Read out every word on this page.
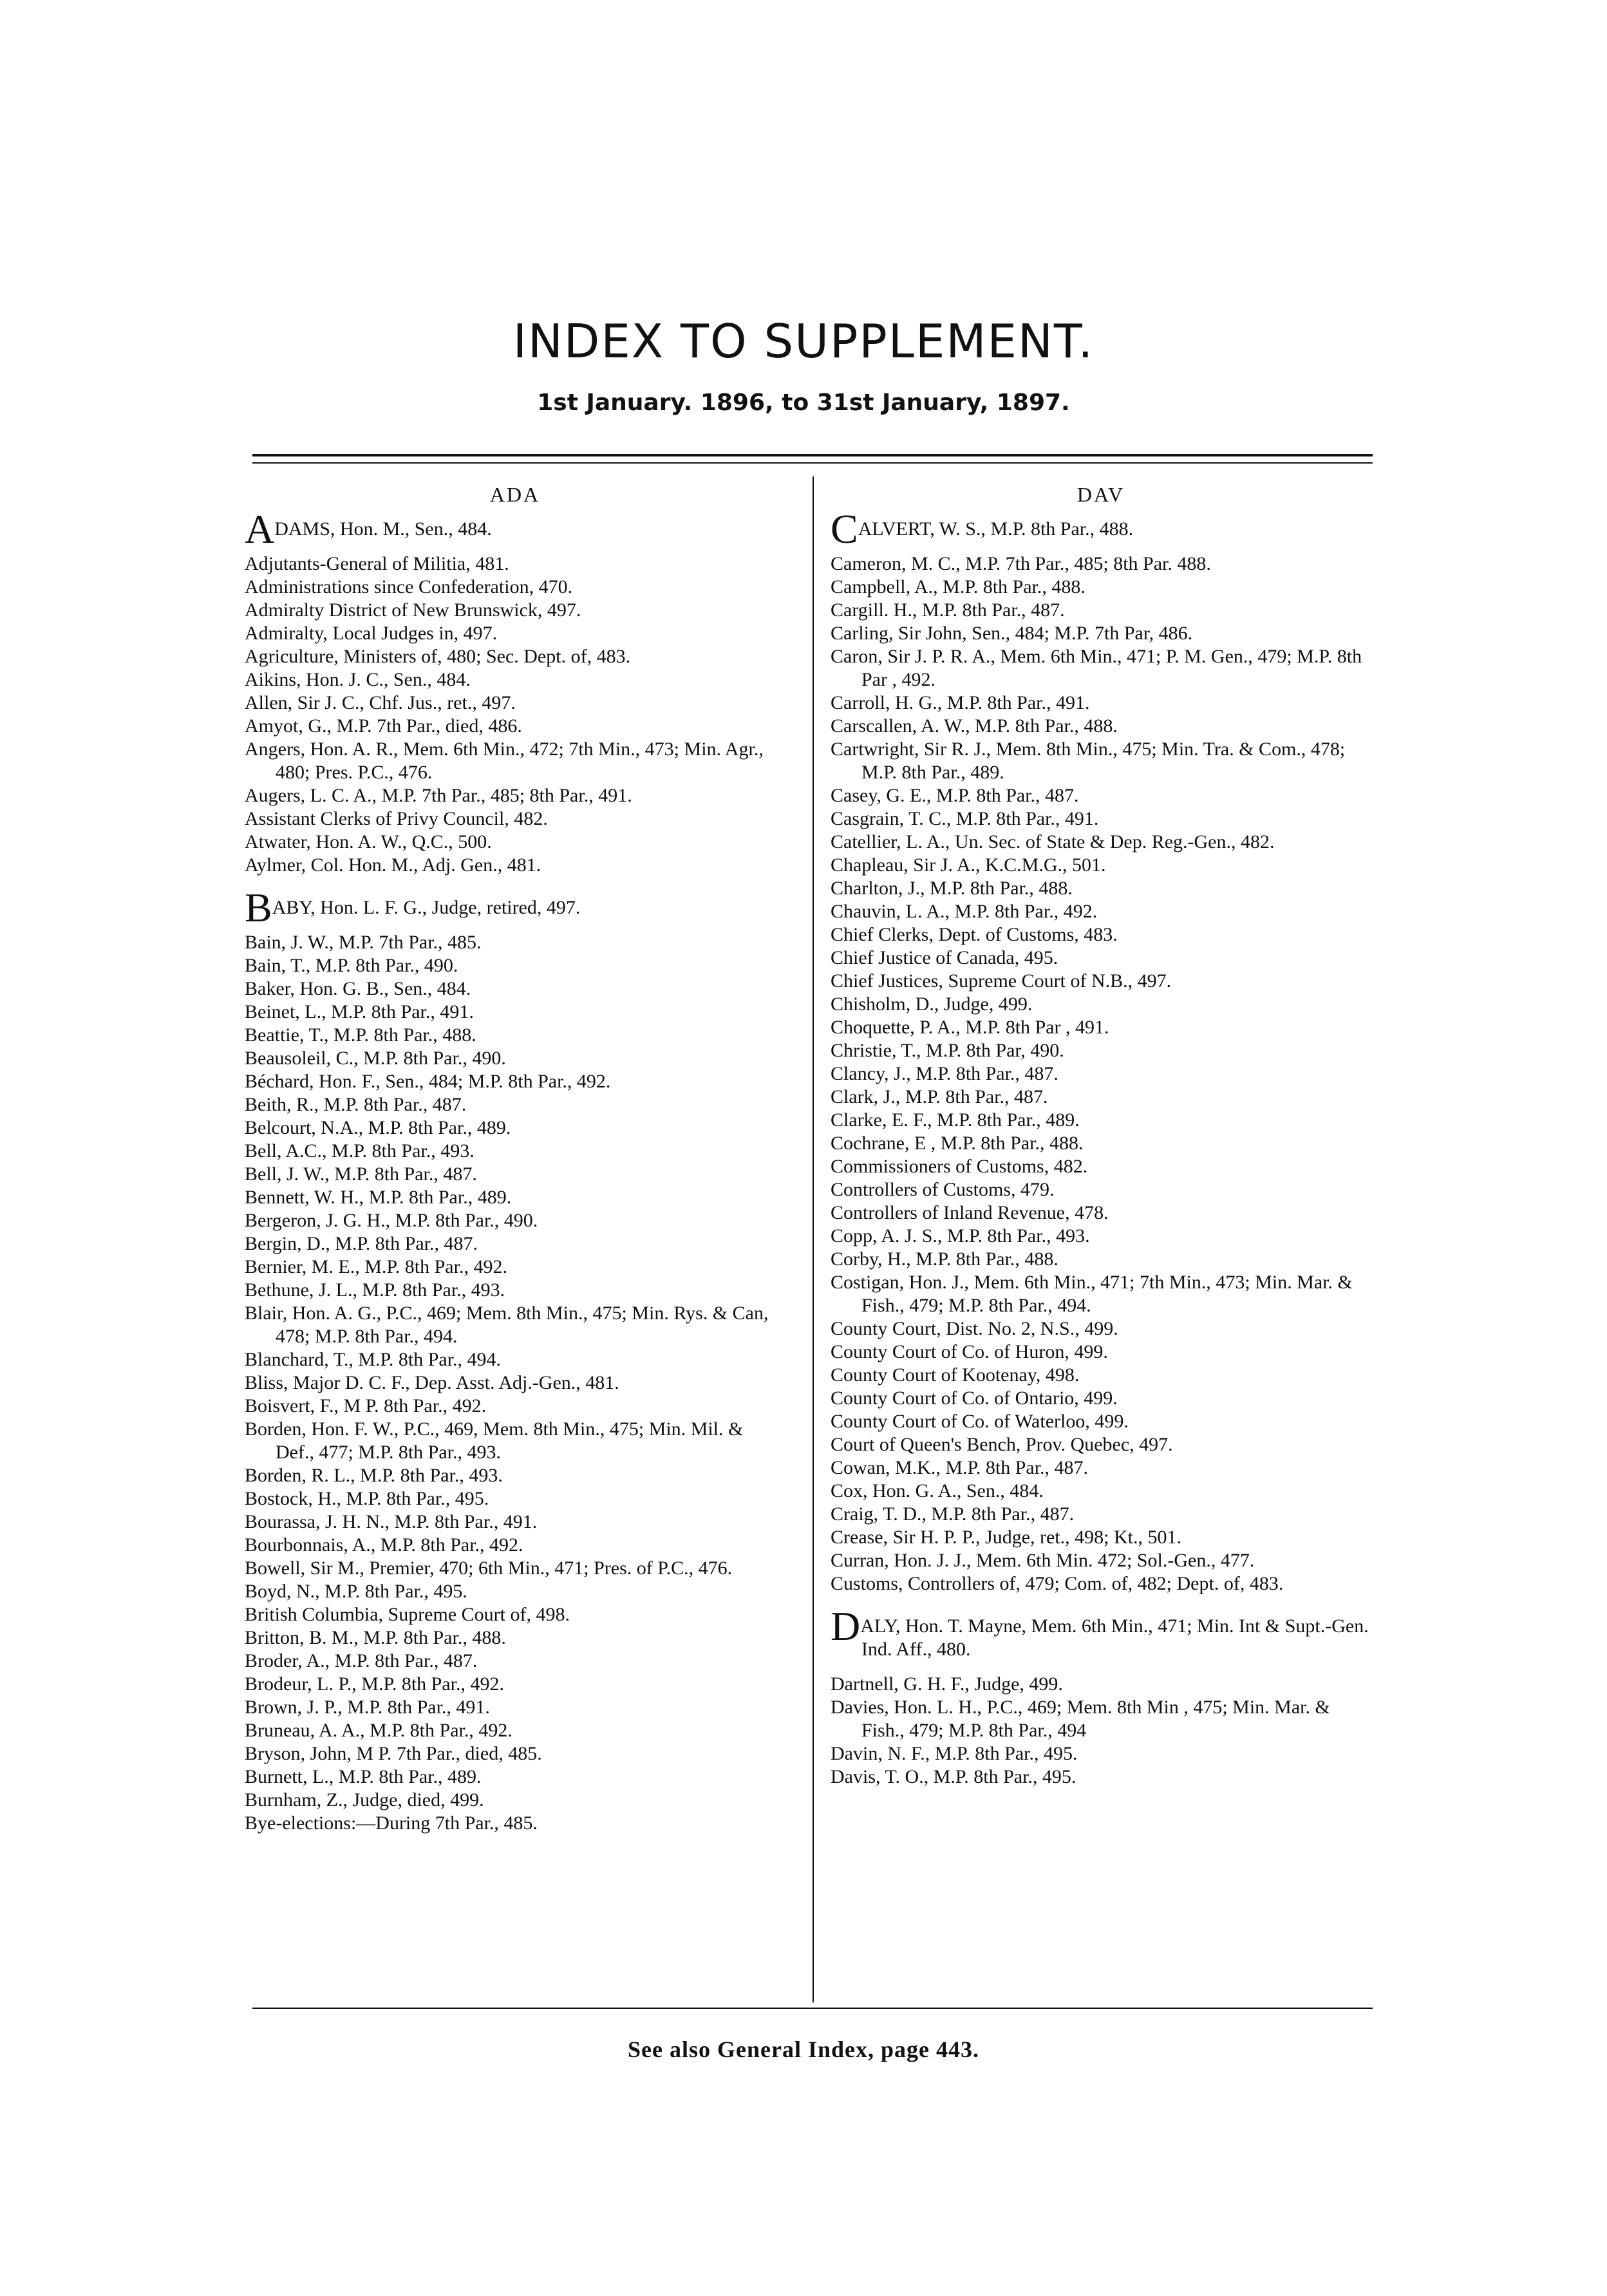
INDEX TO SUPPLEMENT.
1st January. 1896, to 31st January, 1897.
ADA

ADAMS, Hon. M., Sen., 484.

Adjutants-General of Militia, 481.

Administrations since Confederation, 470.

Admiralty District of New Brunswick, 497.

Admiralty, Local Judges in, 497.

Agriculture, Ministers of, 480; Sec. Dept. of, 483.

Aikins, Hon. J. C., Sen., 484.

Allen, Sir J. C., Chf. Jus., ret., 497.

Amyot, G., M.P. 7th Par., died, 486.

Angers, Hon. A. R., Mem. 6th Min., 472; 7th Min., 473; Min. Agr., 480; Pres. P.C., 476.

Augers, L. C. A., M.P. 7th Par., 485; 8th Par., 491.

Assistant Clerks of Privy Council, 482.

Atwater, Hon. A. W., Q.C., 500.

Aylmer, Col. Hon. M., Adj. Gen., 481.

BABY, Hon. L. F. G., Judge, retired, 497.

Bain, J. W., M.P. 7th Par., 485.

Bain, T., M.P. 8th Par., 490.

Baker, Hon. G. B., Sen., 484.

Beinet, L., M.P. 8th Par., 491.

Beattie, T., M.P. 8th Par., 488.

Beausoleil, C., M.P. 8th Par., 490.

Béchard, Hon. F., Sen., 484; M.P. 8th Par., 492.

Beith, R., M.P. 8th Par., 487.

Belcourt, N.A., M.P. 8th Par., 489.

Bell, A.C., M.P. 8th Par., 493.

Bell, J. W., M.P. 8th Par., 487.

Bennett, W. H., M.P. 8th Par., 489.

Bergeron, J. G. H., M.P. 8th Par., 490.

Bergin, D., M.P. 8th Par., 487.

Bernier, M. E., M.P. 8th Par., 492.

Bethune, J. L., M.P. 8th Par., 493.

Blair, Hon. A. G., P.C., 469; Mem. 8th Min., 475; Min. Rys. & Can, 478; M.P. 8th Par., 494.

Blanchard, T., M.P. 8th Par., 494.

Bliss, Major D. C. F., Dep. Asst. Adj.-Gen., 481.

Boisvert, F., M P. 8th Par., 492.

Borden, Hon. F. W., P.C., 469, Mem. 8th Min., 475; Min. Mil. & Def., 477; M.P. 8th Par., 493.

Borden, R. L., M.P. 8th Par., 493.

Bostock, H., M.P. 8th Par., 495.

Bourassa, J. H. N., M.P. 8th Par., 491.

Bourbonnais, A., M.P. 8th Par., 492.

Bowell, Sir M., Premier, 470; 6th Min., 471; Pres. of P.C., 476.

Boyd, N., M.P. 8th Par., 495.

British Columbia, Supreme Court of, 498.

Britton, B. M., M.P. 8th Par., 488.

Broder, A., M.P. 8th Par., 487.

Brodeur, L. P., M.P. 8th Par., 492.

Brown, J. P., M.P. 8th Par., 491.

Bruneau, A. A., M.P. 8th Par., 492.

Bryson, John, M P. 7th Par., died, 485.

Burnett, L., M.P. 8th Par., 489.

Burnham, Z., Judge, died, 499.

Bye-elections:—During 7th Par., 485.

DAV

CALVERT, W. S., M.P. 8th Par., 488.

Cameron, M. C., M.P. 7th Par., 485; 8th Par. 488.

Campbell, A., M.P. 8th Par., 488.

Cargill. H., M.P. 8th Par., 487.

Carling, Sir John, Sen., 484; M.P. 7th Par, 486.

Caron, Sir J. P. R. A., Mem. 6th Min., 471; P. M. Gen., 479; M.P. 8th Par , 492.

Carroll, H. G., M.P. 8th Par., 491.

Carscallen, A. W., M.P. 8th Par., 488.

Cartwright, Sir R. J., Mem. 8th Min., 475; Min. Tra. & Com., 478; M.P. 8th Par., 489.

Casey, G. E., M.P. 8th Par., 487.

Casgrain, T. C., M.P. 8th Par., 491.

Catellier, L. A., Un. Sec. of State & Dep. Reg.-Gen., 482.

Chapleau, Sir J. A., K.C.M.G., 501.

Charlton, J., M.P. 8th Par., 488.

Chauvin, L. A., M.P. 8th Par., 492.

Chief Clerks, Dept. of Customs, 483.

Chief Justice of Canada, 495.

Chief Justices, Supreme Court of N.B., 497.

Chisholm, D., Judge, 499.

Choquette, P. A., M.P. 8th Par , 491.

Christie, T., M.P. 8th Par, 490.

Clancy, J., M.P. 8th Par., 487.

Clark, J., M.P. 8th Par., 487.

Clarke, E. F., M.P. 8th Par., 489.

Cochrane, E , M.P. 8th Par., 488.

Commissioners of Customs, 482.

Controllers of Customs, 479.

Controllers of Inland Revenue, 478.

Copp, A. J. S., M.P. 8th Par., 493.

Corby, H., M.P. 8th Par., 488.

Costigan, Hon. J., Mem. 6th Min., 471; 7th Min., 473; Min. Mar. & Fish., 479; M.P. 8th Par., 494.

County Court, Dist. No. 2, N.S., 499.

County Court of Co. of Huron, 499.

County Court of Kootenay, 498.

County Court of Co. of Ontario, 499.

County Court of Co. of Waterloo, 499.

Court of Queen's Bench, Prov. Quebec, 497.

Cowan, M.K., M.P. 8th Par., 487.

Cox, Hon. G. A., Sen., 484.

Craig, T. D., M.P. 8th Par., 487.

Crease, Sir H. P. P., Judge, ret., 498; Kt., 501.

Curran, Hon. J. J., Mem. 6th Min. 472; Sol.-Gen., 477.

Customs, Controllers of, 479; Com. of, 482; Dept. of, 483.

DALY, Hon. T. Mayne, Mem. 6th Min., 471; Min. Int & Supt.-Gen. Ind. Aff., 480.

Dartnell, G. H. F., Judge, 499.

Davies, Hon. L. H., P.C., 469; Mem. 8th Min , 475; Min. Mar. & Fish., 479; M.P. 8th Par., 494

Davin, N. F., M.P. 8th Par., 495.

Davis, T. O., M.P. 8th Par., 495.

See also General Index, page 443.
